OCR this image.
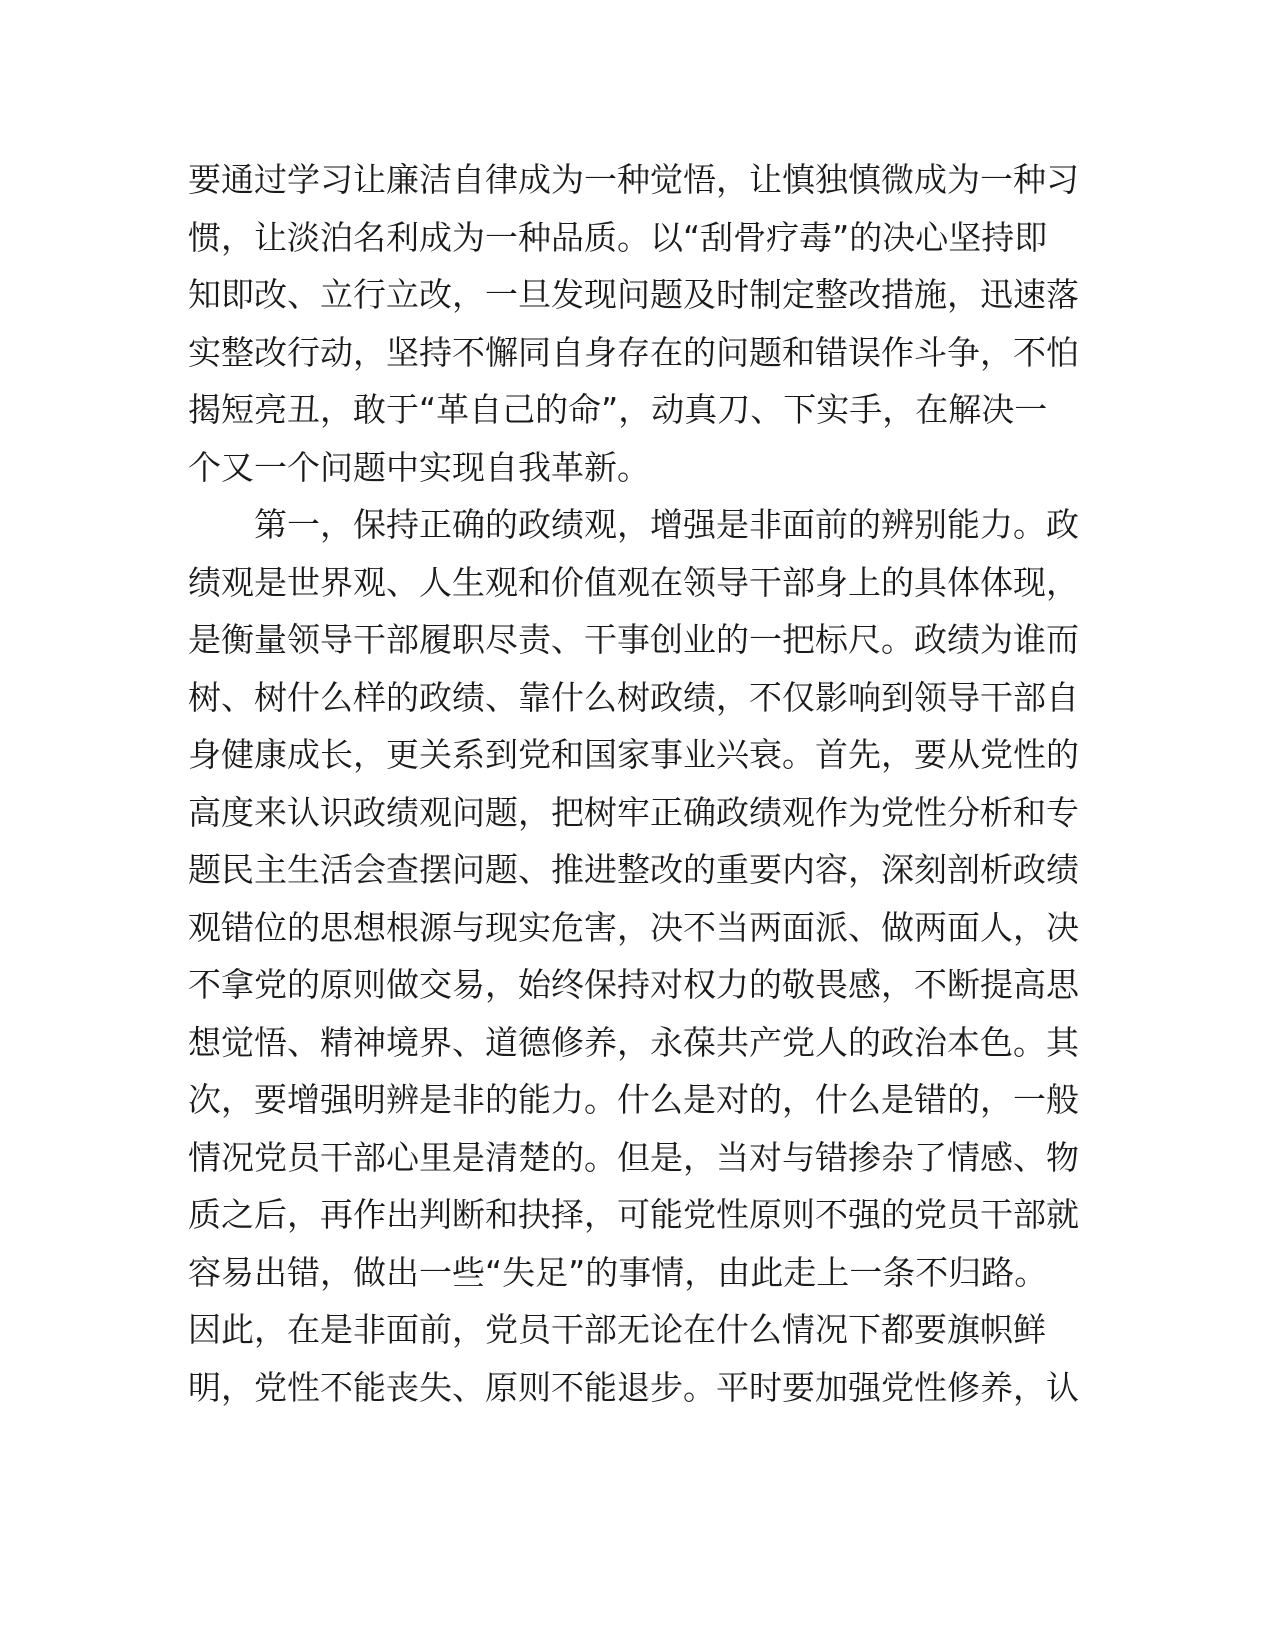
要通过学习让廉洁自律成为一种觉悟，让慎独慎微成为一种习
惯，让淡泊名利成为一种品质。以“刮骨疗毒”的决心坚持即
知即改、立行立改，一旦发现问题及时制定整改措施，迅速落
实整改行动，坚持不懈同自身存在的问题和错误作斗争，不怕
揭短亮丑，敢于“革自己的命”，动真刀、下实手，在解决一
个又一个问题中实现自我革新。
　　第一，保持正确的政绩观，增强是非面前的辨别能力。政
绩观是世界观、人生观和价值观在领导干部身上的具体体现，
是衡量领导干部履职尽责、干事创业的一把标尺。政绩为谁而
树、树什么样的政绩、靠什么树政绩，不仅影响到领导干部自
身健康成长，更关系到党和国家事业兴衰。首先，要从党性的
高度来认识政绩观问题，把树牢正确政绩观作为党性分析和专
题民主生活会查摆问题、推进整改的重要内容，深刻剖析政绩
观错位的思想根源与现实危害，决不当两面派、做两面人，决
不拿党的原则做交易，始终保持对权力的敬畏感，不断提高思
想觉悟、精神境界、道德修养，永葆共产党人的政治本色。其
次，要增强明辨是非的能力。什么是对的，什么是错的，一般
情况党员干部心里是清楚的。但是，当对与错掺杂了情感、物
质之后，再作出判断和抉择，可能党性原则不强的党员干部就
容易出错，做出一些“失足”的事情，由此走上一条不归路。
因此，在是非面前，党员干部无论在什么情况下都要旗帜鲜
明，党性不能丧失、原则不能退步。平时要加强党性修养，认
